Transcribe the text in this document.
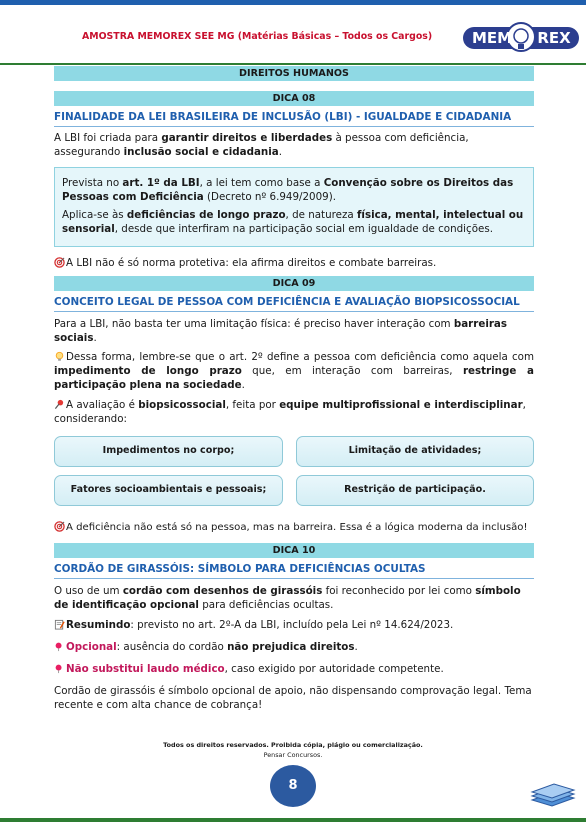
AMOSTRA MEMOREX SEE MG (Matérias Básicas – Todos os Cargos)	MEM REX
DIREITOS HUMANOS
DICA 08
FINALIDADE DA LEI BRASILEIRA DE INCLUSÃO (LBI) - IGUALDADE E CIDADANIA
A LBI foi criada para garantir direitos e liberdades à pessoa com deficiência, assegurando inclusão social e cidadania.
Prevista no art. 1º da LBI, a lei tem como base a Convenção sobre os Direitos das Pessoas com Deficiência (Decreto nº 6.949/2009).
Aplica-se às deficiências de longo prazo, de natureza física, mental, intelectual ou sensorial, desde que interfiram na participação social em igualdade de condições.
A LBI não é só norma protetiva: ela afirma direitos e combate barreiras.
DICA 09
CONCEITO LEGAL DE PESSOA COM DEFICIÊNCIA E AVALIAÇÃO BIOPSICOSSOCIAL
Para a LBI, não basta ter uma limitação física: é preciso haver interação com barreiras sociais.
Dessa forma, lembre-se que o art. 2º define a pessoa com deficiência como aquela com impedimento de longo prazo que, em interação com barreiras, restringe a participação plena na sociedade.
A avaliação é biopsicossocial, feita por equipe multiprofissional e interdisciplinar, considerando:
Impedimentos no corpo;	Limitação de atividades;
Fatores socioambientais e pessoais;	Restrição de participação.
A deficiência não está só na pessoa, mas na barreira. Essa é a lógica moderna da inclusão!
DICA 10
CORDÃO DE GIRASSÓIS: SÍMBOLO PARA DEFICIÊNCIAS OCULTAS
O uso de um cordão com desenhos de girassóis foi reconhecido por lei como símbolo de identificação opcional para deficiências ocultas.
Resumindo: previsto no art. 2º-A da LBI, incluído pela Lei nº 14.624/2023.
Opcional: ausência do cordão não prejudica direitos.
Não substitui laudo médico, caso exigido por autoridade competente.
Cordão de girassóis é símbolo opcional de apoio, não dispensando comprovação legal. Tema recente e com alta chance de cobrança!
Todos os direitos reservados. Proibida cópia, plágio ou comercialização.
Pensar Concursos.
8
